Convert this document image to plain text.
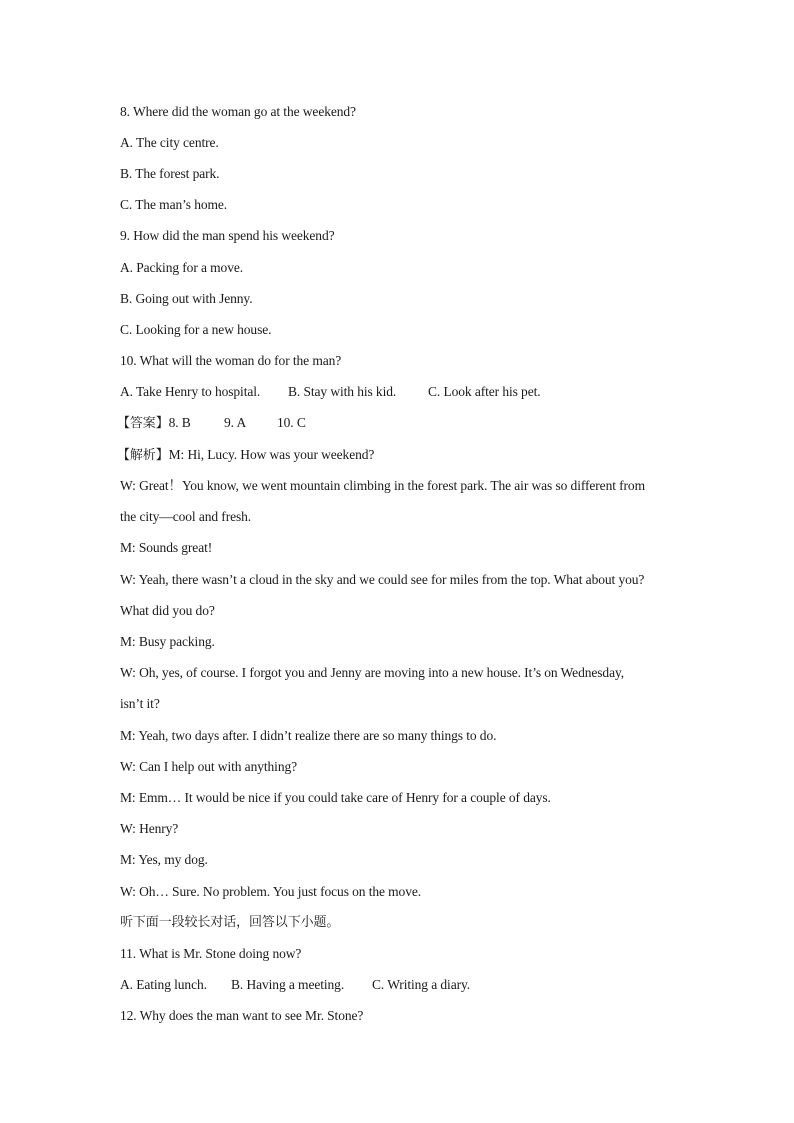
8. Where did the woman go at the weekend?
A. The city centre.
B. The forest park.
C. The man’s home.
9. How did the man spend his weekend?
A. Packing for a move.
B. Going out with Jenny.
C. Looking for a new house.
10. What will the woman do for the man?
A. Take Henry to hospital. B. Stay with his kid. C. Look after his pet.
【答案】8. B 9. A 10. C
【解析】M: Hi, Lucy. How was your weekend?
W: Great！You know, we went mountain climbing in the forest park. The air was so different from
the city—cool and fresh.
M: Sounds great!
W: Yeah, there wasn’t a cloud in the sky and we could see for miles from the top. What about you?
What did you do?
M: Busy packing.
W: Oh, yes, of course. I forgot you and Jenny are moving into a new house. It’s on Wednesday,
isn’t it?
M: Yeah, two days after. I didn’t realize there are so many things to do.
W: Can I help out with anything?
M: Emm… It would be nice if you could take care of Henry for a couple of days.
W: Henry?
M: Yes, my dog.
W: Oh… Sure. No problem. You just focus on the move.
听下面一段较长对话，回答以下小题。
11. What is Mr. Stone doing now?
A. Eating lunch. B. Having a meeting. C. Writing a diary.
12. Why does the man want to see Mr. Stone?
